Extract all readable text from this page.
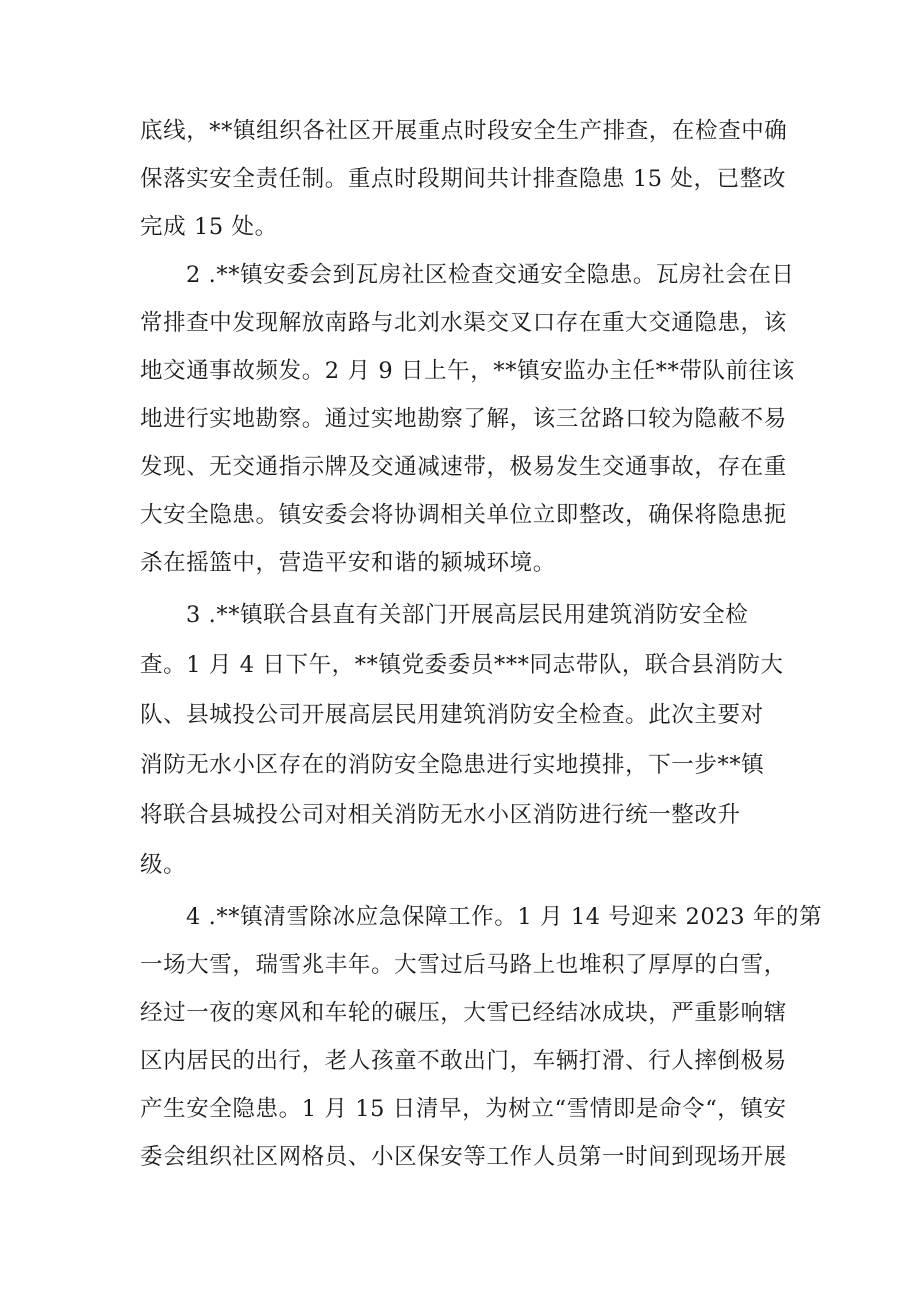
底线，**镇组织各社区开展重点时段安全生产排查，在检查中确

保落实安全责任制。重点时段期间共计排查隐患 15 处，已整改

完成 15 处。

2 .**镇安委会到瓦房社区检查交通安全隐患。瓦房社会在日

常排查中发现解放南路与北刘水渠交叉口存在重大交通隐患，该

地交通事故频发。2 月 9 日上午，**镇安监办主任**带队前往该

地进行实地勘察。通过实地勘察了解，该三岔路口较为隐蔽不易

发现、无交通指示牌及交通减速带，极易发生交通事故，存在重

大安全隐患。镇安委会将协调相关单位立即整改，确保将隐患扼

杀在摇篮中，营造平安和谐的颍城环境。

3 .**镇联合县直有关部门开展高层民用建筑消防安全检

查。1 月 4 日下午，**镇党委委员***同志带队，联合县消防大

队、县城投公司开展高层民用建筑消防安全检查。此次主要对

消防无水小区存在的消防安全隐患进行实地摸排，下一步**镇

将联合县城投公司对相关消防无水小区消防进行统一整改升

级。

4 .**镇清雪除冰应急保障工作。1 月 14 号迎来 2023 年的第

一场大雪，瑞雪兆丰年。大雪过后马路上也堆积了厚厚的白雪，

经过一夜的寒风和车轮的碾压，大雪已经结冰成块，严重影响辖

区内居民的出行，老人孩童不敢出门，车辆打滑、行人摔倒极易

产生安全隐患。1 月 15 日清早，为树立“雪情即是命令“，镇安

委会组织社区网格员、小区保安等工作人员第一时间到现场开展
